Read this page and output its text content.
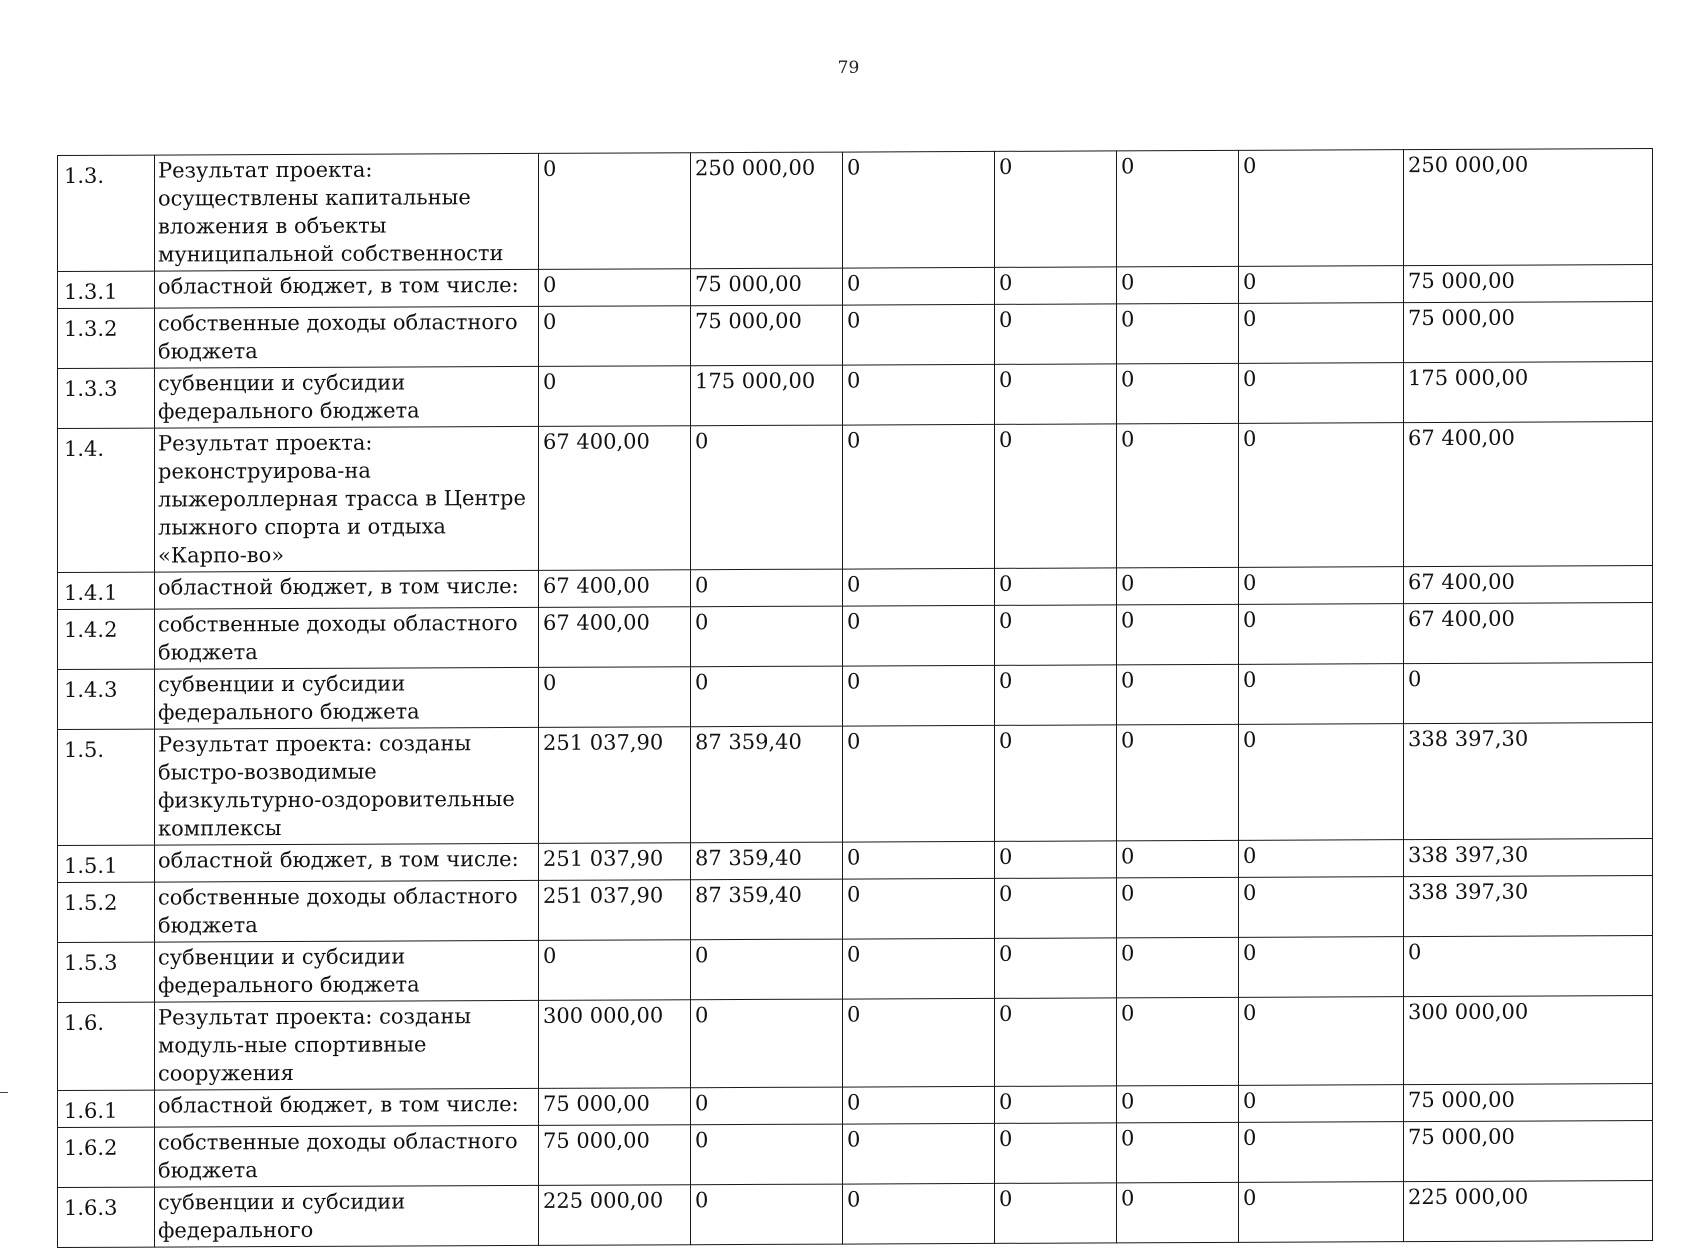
79
1.3.	Результат проекта: осуществлены капитальные вложения в объекты муниципальной собственности	0	250 000,00	0	0	0	0	250 000,00
1.3.1	областной бюджет, в том числе:	0	75 000,00	0	0	0	0	75 000,00
1.3.2	собственные доходы областного бюджета	0	75 000,00	0	0	0	0	75 000,00
1.3.3	субвенции и субсидии федерального бюджета	0	175 000,00	0	0	0	0	175 000,00
1.4.	Результат проекта: реконструирова-на лыжероллерная трасса в Центре лыжного спорта и отдыха «Карпо-во»	67 400,00	0	0	0	0	0	67 400,00
1.4.1	областной бюджет, в том числе:	67 400,00	0	0	0	0	0	67 400,00
1.4.2	собственные доходы областного бюджета	67 400,00	0	0	0	0	0	67 400,00
1.4.3	субвенции и субсидии федерального бюджета	0	0	0	0	0	0	0
1.5.	Результат проекта: созданы быстро-возводимые физкультурно-оздоровительные комплексы	251 037,90	87 359,40	0	0	0	0	338 397,30
1.5.1	областной бюджет, в том числе:	251 037,90	87 359,40	0	0	0	0	338 397,30
1.5.2	собственные доходы областного бюджета	251 037,90	87 359,40	0	0	0	0	338 397,30
1.5.3	субвенции и субсидии федерального бюджета	0	0	0	0	0	0	0
1.6.	Результат проекта: созданы модуль-ные спортивные сооружения	300 000,00	0	0	0	0	0	300 000,00
1.6.1	областной бюджет, в том числе:	75 000,00	0	0	0	0	0	75 000,00
1.6.2	собственные доходы областного бюджета	75 000,00	0	0	0	0	0	75 000,00
1.6.3	субвенции и субсидии федерального	225 000,00	0	0	0	0	0	225 000,00
